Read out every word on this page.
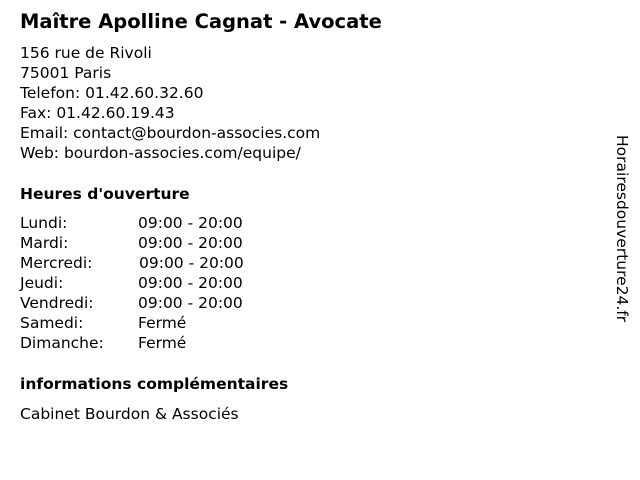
Maître Apolline Cagnat - Avocate
156 rue de Rivoli
75001 Paris
Telefon: 01.42.60.32.60
Fax: 01.42.60.19.43
Email: contact@bourdon-associes.com
Web: bourdon-associes.com/equipe/
Heures d'ouverture
Lundi:	09:00 - 20:00
Mardi:	09:00 - 20:00
Mercredi:	09:00 - 20:00
Jeudi:	09:00 - 20:00
Vendredi:	09:00 - 20:00
Samedi:	Fermé
Dimanche: Fermé
informations complémentaires
Cabinet Bourdon & Associés
Horairesdouverture24.fr
